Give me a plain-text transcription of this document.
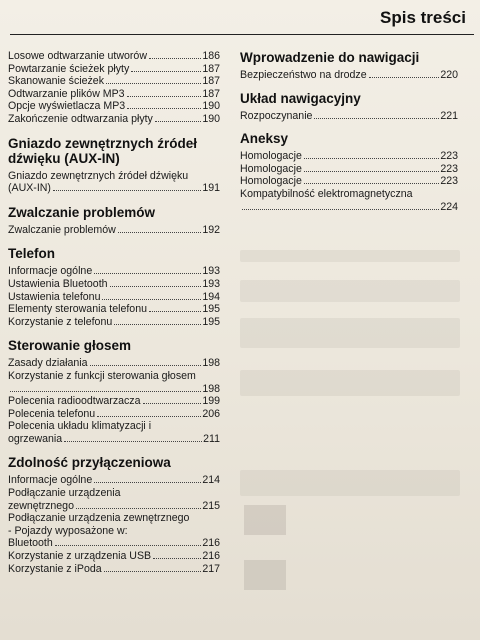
Spis treści
Losowe odtwarzanie utworów	186
Powtarzanie ścieżek płyty	187
Skanowanie ścieżek	187
Odtwarzanie plików MP3	187
Opcje wyświetlacza MP3	190
Zakończenie odtwarzania płyty	190
Gniazdo zewnętrznych źródeł dźwięku (AUX-IN)
Gniazdo zewnętrznych źródeł dźwięku
(AUX-IN)	191
Zwalczanie problemów
Zwalczanie problemów	192
Telefon
Informacje ogólne	193
Ustawienia Bluetooth	193
Ustawienia telefonu	194
Elementy sterowania telefonu	195
Korzystanie z telefonu	195
Sterowanie głosem
Zasady działania	198
Korzystanie z funkcji sterowania głosem
198
Polecenia radioodtwarzacza	199
Polecenia telefonu	206
Polecenia układu klimatyzacji i
ogrzewania	211
Zdolność przyłączeniowa
Informacje ogólne	214
Podłączanie urządzenia
zewnętrznego	215
Podłączanie urządzenia zewnętrznego
- Pojazdy wyposażone w:
Bluetooth	216
Korzystanie z urządzenia USB	216
Korzystanie z iPoda	217
Wprowadzenie do nawigacji
Bezpieczeństwo na drodze	220
Układ nawigacyjny
Rozpoczynanie	221
Aneksy
Homologacje	223
Homologacje	223
Homologacje	223
Kompatybilność elektromagnetyczna
224
